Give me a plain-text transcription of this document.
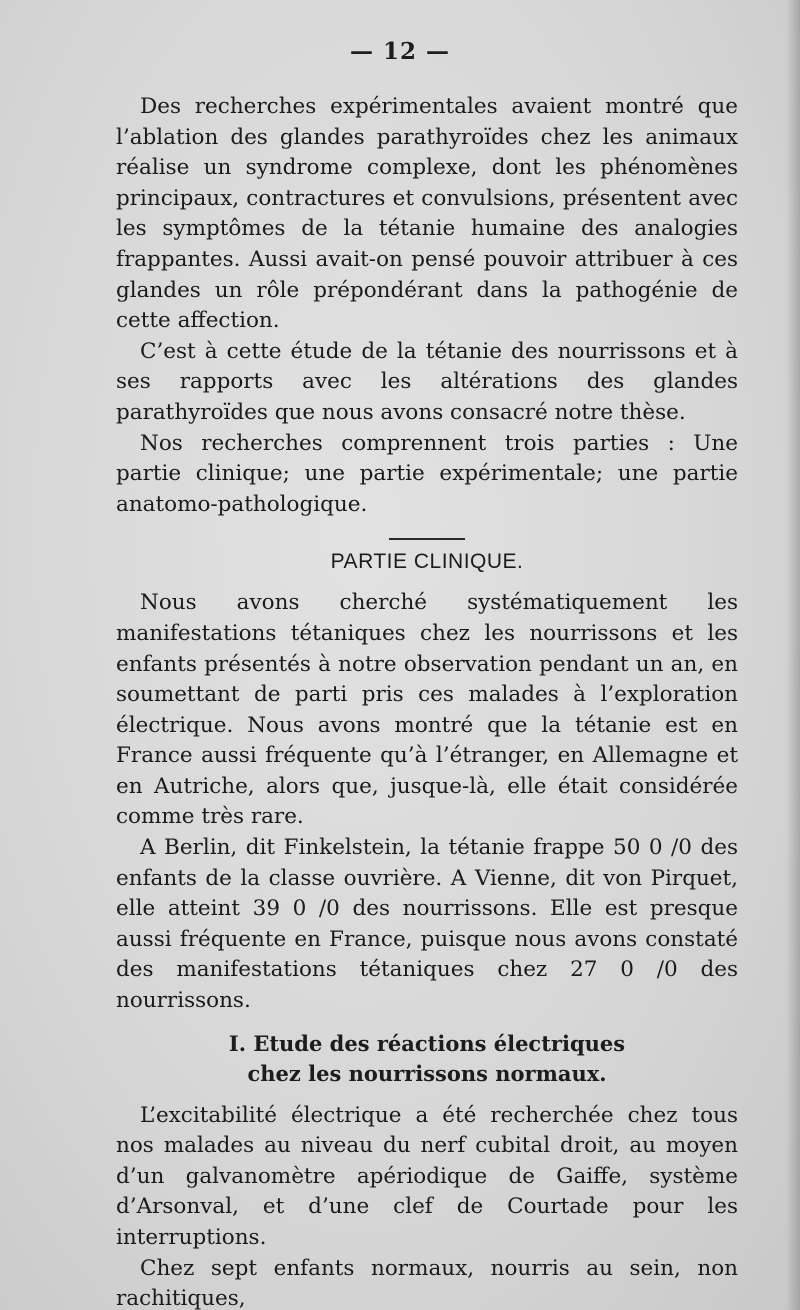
— 12 —

Des recherches expérimentales avaient montré que l’ablation des glandes parathyroïdes chez les animaux réalise un syndrome complexe, dont les phénomènes principaux, contractures et convulsions, présentent avec les symptômes de la tétanie humaine des analogies frappantes. Aussi avait-on pensé pouvoir attribuer à ces glandes un rôle prépondérant dans la pathogénie de cette affection.

C’est à cette étude de la tétanie des nourrissons et à ses rapports avec les altérations des glandes parathyroïdes que nous avons consacré notre thèse.

Nos recherches comprennent trois parties : Une partie clinique; une partie expérimentale; une partie anatomo-pathologique.

PARTIE CLINIQUE.

Nous avons cherché systématiquement les manifestations tétaniques chez les nourrissons et les enfants présentés à notre observation pendant un an, en soumettant de parti pris ces malades à l’exploration électrique. Nous avons montré que la tétanie est en France aussi fréquente qu’à l’étranger, en Allemagne et en Autriche, alors que, jusque-là, elle était considérée comme très rare.

A Berlin, dit Finkelstein, la tétanie frappe 50 0 /0 des enfants de la classe ouvrière. A Vienne, dit von Pirquet, elle atteint 39 0 /0 des nourrissons. Elle est presque aussi fréquente en France, puisque nous avons constaté des manifestations tétaniques chez 27 0 /0 des nourrissons.

I. Etude des réactions électriques
chez les nourrissons normaux.

L’excitabilité électrique a été recherchée chez tous nos malades au niveau du nerf cubital droit, au moyen d’un galvanomètre apériodique de Gaiffe, système d’Arsonval, et d’une clef de Courtade pour les interruptions.

Chez sept enfants normaux, nourris au sein, non rachitiques,
